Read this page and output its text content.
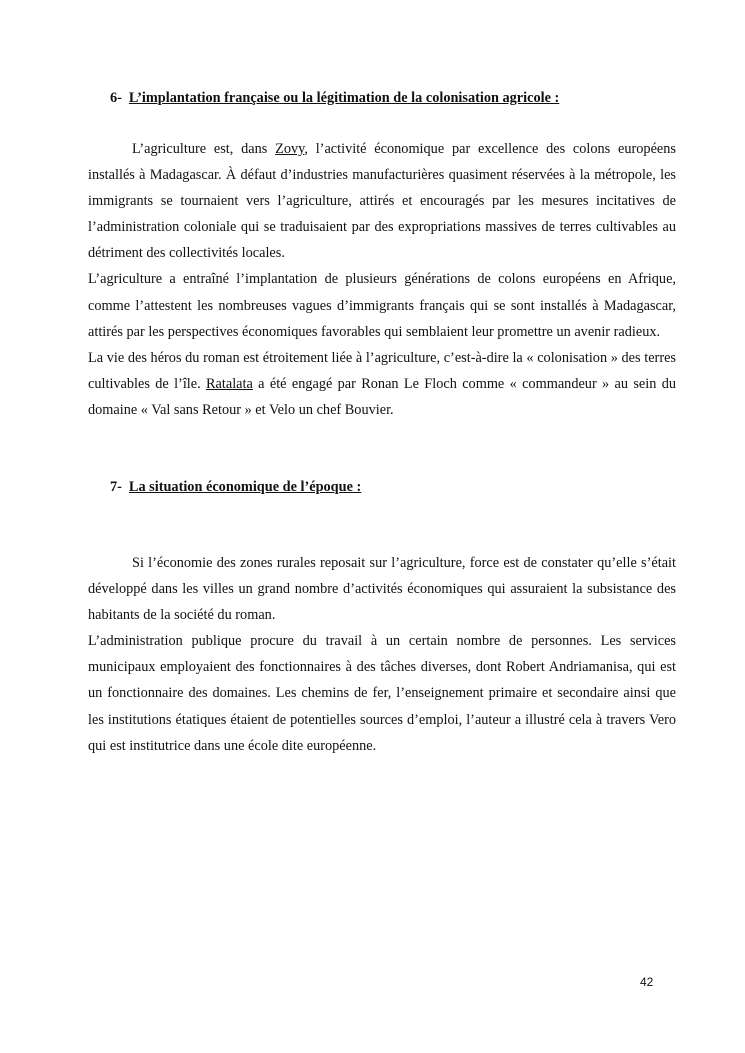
6- L’implantation française ou la légitimation de la colonisation agricole :

L’agriculture est, dans Zovy, l’activité économique par excellence des colons européens installés à Madagascar. À défaut d’industries manufacturières quasiment réservées à la métropole, les immigrants se tournaient vers l’agriculture, attirés et encouragés par les mesures incitatives de l’administration coloniale qui se traduisaient par des expropriations massives de terres cultivables au détriment des collectivités locales.

L’agriculture a entraîné l’implantation de plusieurs générations de colons européens en Afrique, comme l’attestent les nombreuses vagues d’immigrants français qui se sont installés à Madagascar, attirés par les perspectives économiques favorables qui semblaient leur promettre un avenir radieux.

La vie des héros du roman est étroitement liée à l’agriculture, c’est-à-dire la « colonisation » des terres cultivables de l’île. Ratalata a été engagé par Ronan Le Floch comme « commandeur » au sein du domaine « Val sans Retour » et Velo un chef Bouvier.

7- La situation économique de l’époque :

Si l’économie des zones rurales reposait sur l’agriculture, force est de constater qu’elle s’était développé dans les villes un grand nombre d’activités économiques qui assuraient la subsistance des habitants de la société du roman.

L’administration publique procure du travail à un certain nombre de personnes. Les services municipaux employaient des fonctionnaires à des tâches diverses, dont Robert Andriamanisa, qui est un fonctionnaire des domaines. Les chemins de fer, l’enseignement primaire et secondaire ainsi que les institutions étatiques étaient de potentielles sources d’emploi, l’auteur a illustré cela à travers Vero qui est institutrice dans une école dite européenne.

42
